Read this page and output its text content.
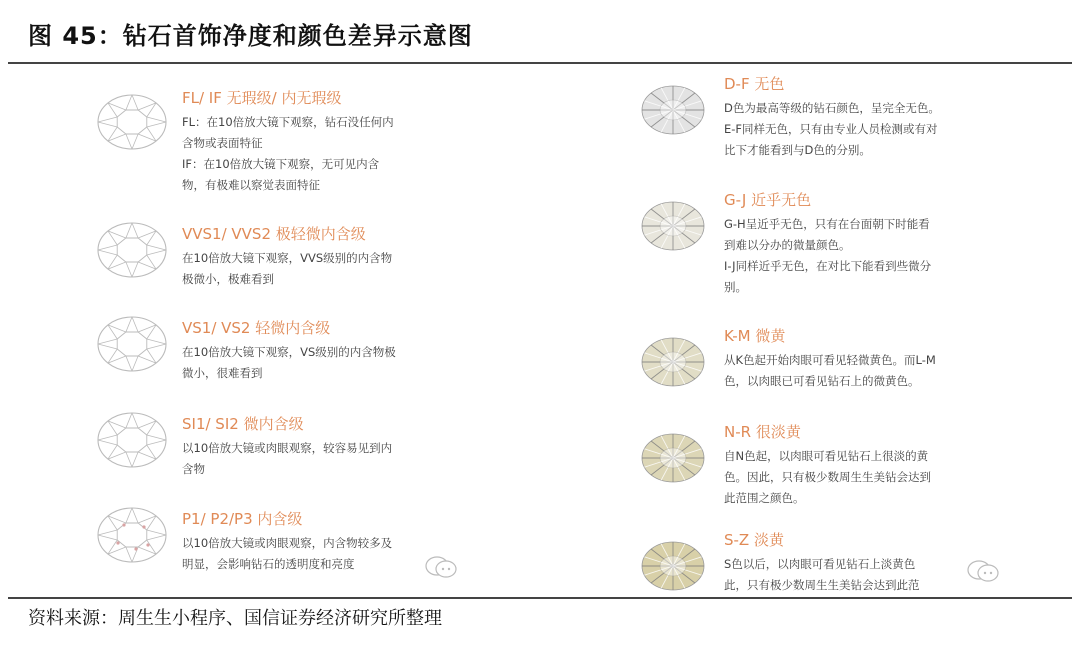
图 45：钻石首饰净度和颜色差异示意图
FL/ IF 无瑕级/ 内无瑕级
FL：在10倍放大镜下观察，钻石没任何内
含物或表面特征
IF：在10倍放大镜下观察，无可见内含
物，有极难以察觉表面特征
VVS1/ VVS2 极轻微内含级
在10倍放大镜下观察，VVS级别的内含物
极微小，极难看到
VS1/ VS2 轻微内含级
在10倍放大镜下观察，VS级别的内含物极
微小，很难看到
SI1/ SI2 微内含级
以10倍放大镜或肉眼观察，较容易见到内
含物
P1/ P2/P3 内含级
以10倍放大镜或肉眼观察，内含物较多及
明显，会影响钻石的透明度和亮度
D-F 无色
D色为最高等级的钻石颜色，呈完全无色。
E-F同样无色，只有由专业人员检测或有对
比下才能看到与D色的分别。
G-J 近乎无色
G-H呈近乎无色，只有在台面朝下时能看
到难以分办的微量颜色。
I-J同样近乎无色，在对比下能看到些微分
别。
K-M 微黄
从K色起开始肉眼可看见轻微黄色。而L-M
色，以肉眼已可看见钻石上的微黄色。
N-R 很淡黄
自N色起，以肉眼可看见钻石上很淡的黄
色。因此，只有极少数周生生美钻会达到
此范围之颜色。
S-Z 淡黄
S色以后，以肉眼可看见钻石上淡黄色
此，只有极少数周生生美钻会达到此范
资料来源：周生生小程序、国信证券经济研究所整理
